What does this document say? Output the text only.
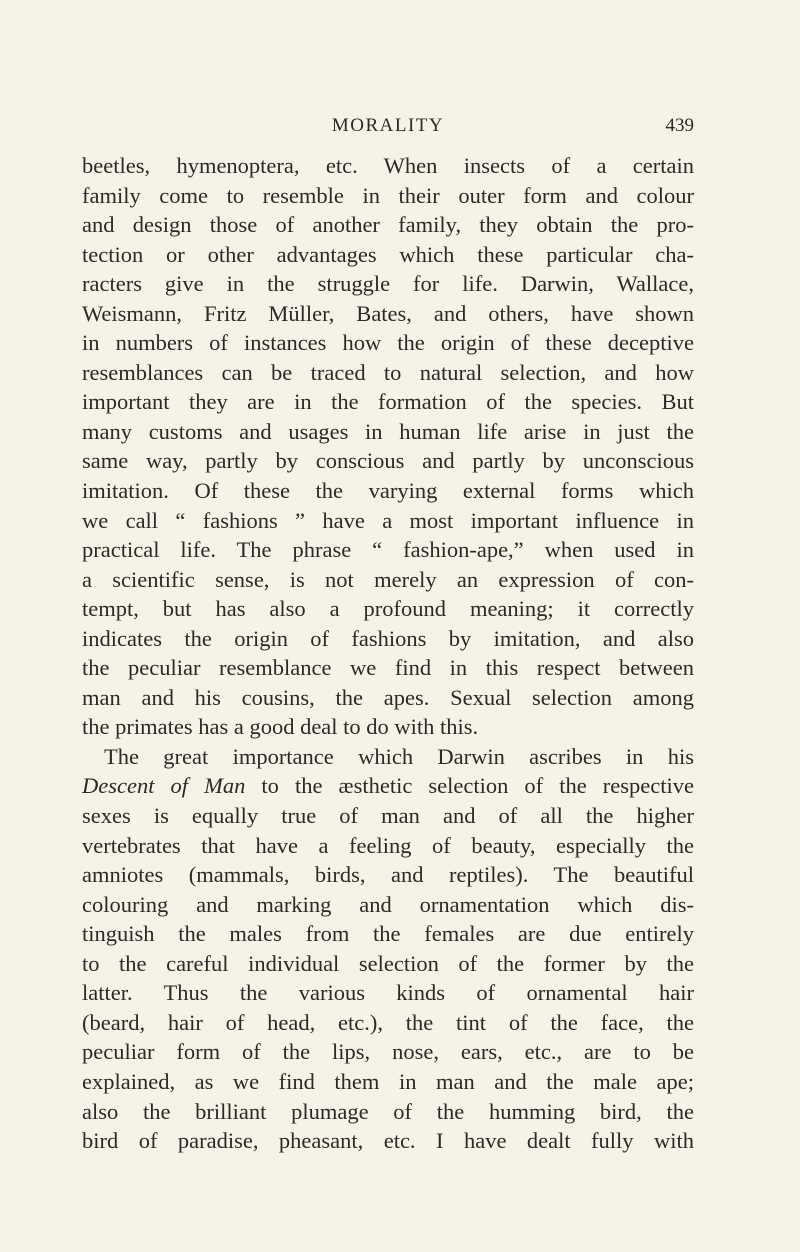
MORALITY	439
beetles, hymenoptera, etc. When insects of a certain
family come to resemble in their outer form and colour
and design those of another family, they obtain the pro-
tection or other advantages which these particular cha-
racters give in the struggle for life. Darwin, Wallace,
Weismann, Fritz Müller, Bates, and others, have shown
in numbers of instances how the origin of these deceptive
resemblances can be traced to natural selection, and how
important they are in the formation of the species. But
many customs and usages in human life arise in just the
same way, partly by conscious and partly by unconscious
imitation. Of these the varying external forms which
we call “ fashions ” have a most important influence in
practical life. The phrase “ fashion-ape,” when used in
a scientific sense, is not merely an expression of con-
tempt, but has also a profound meaning; it correctly
indicates the origin of fashions by imitation, and also
the peculiar resemblance we find in this respect between
man and his cousins, the apes. Sexual selection among
the primates has a good deal to do with this.
The great importance which Darwin ascribes in his
Descent of Man to the æsthetic selection of the respective
sexes is equally true of man and of all the higher
vertebrates that have a feeling of beauty, especially the
amniotes (mammals, birds, and reptiles). The beautiful
colouring and marking and ornamentation which dis-
tinguish the males from the females are due entirely
to the careful individual selection of the former by the
latter. Thus the various kinds of ornamental hair
(beard, hair of head, etc.), the tint of the face, the
peculiar form of the lips, nose, ears, etc., are to be
explained, as we find them in man and the male ape;
also the brilliant plumage of the humming bird, the
bird of paradise, pheasant, etc. I have dealt fully with
